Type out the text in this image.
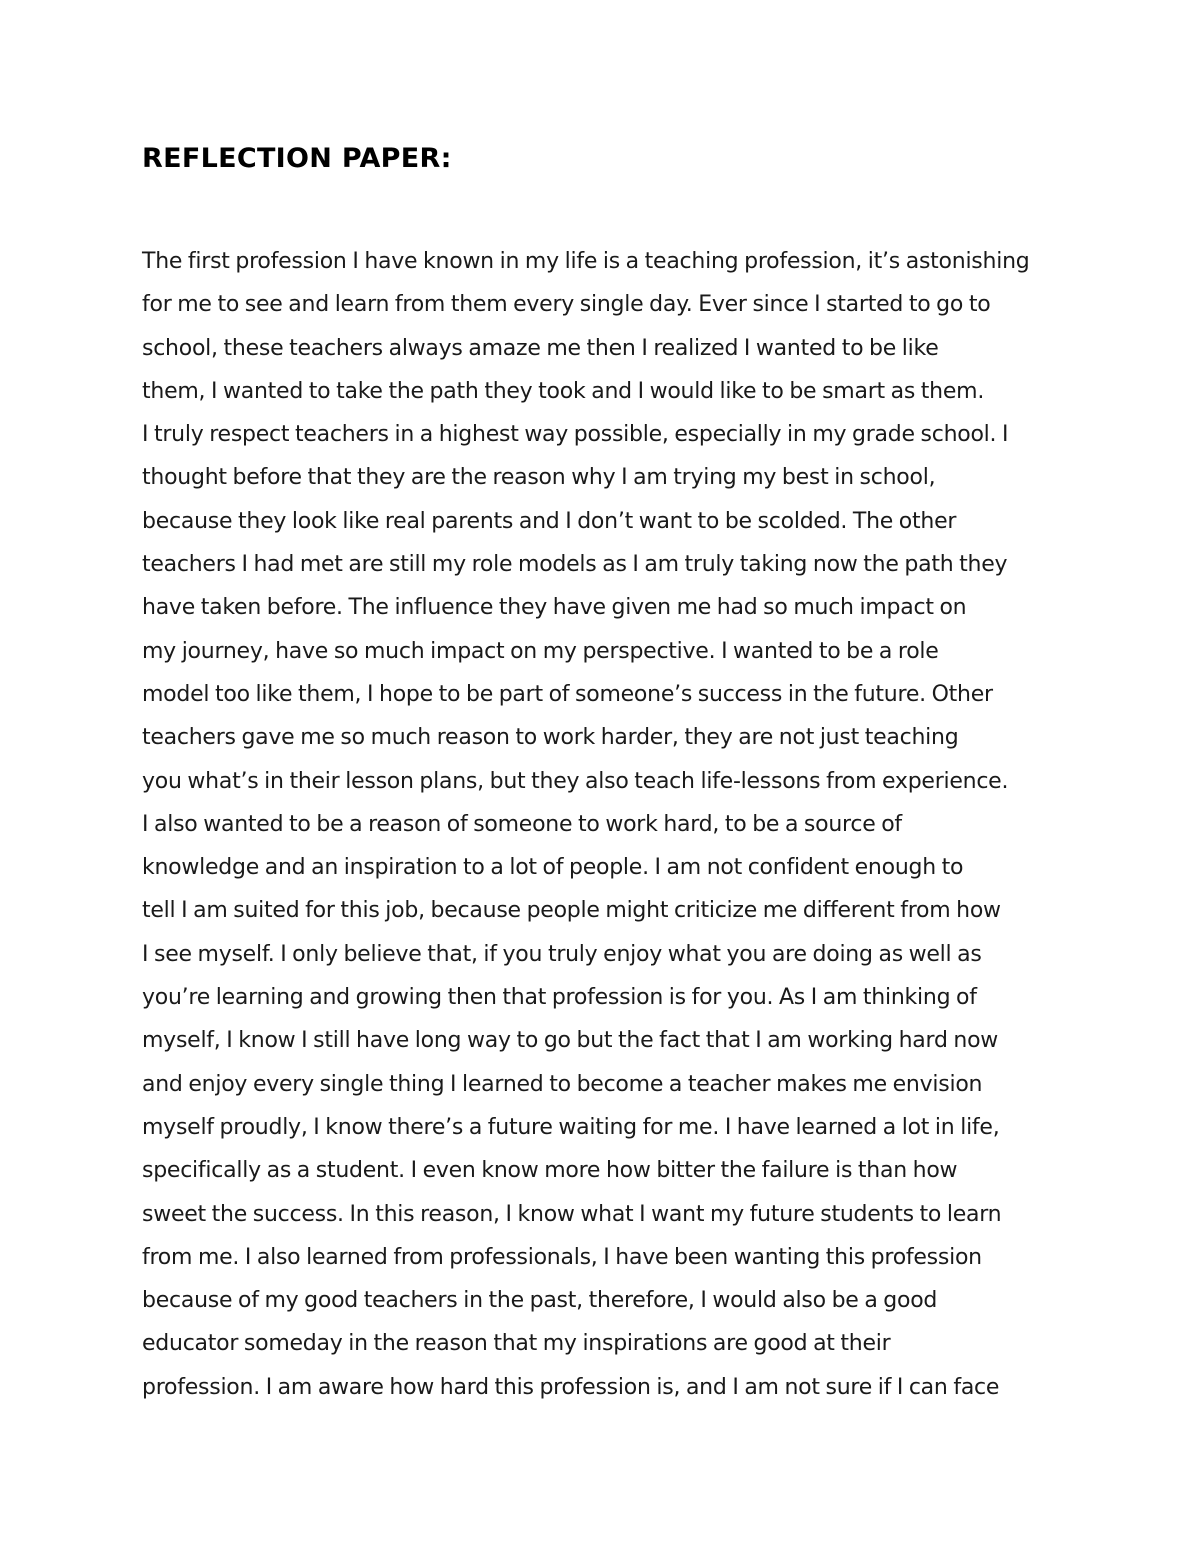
REFLECTION PAPER:
The first profession I have known in my life is a teaching profession, it’s astonishing
for me to see and learn from them every single day. Ever since I started to go to
school, these teachers always amaze me then I realized I wanted to be like
them, I wanted to take the path they took and I would like to be smart as them.
I truly respect teachers in a highest way possible, especially in my grade school. I
thought before that they are the reason why I am trying my best in school,
because they look like real parents and I don’t want to be scolded. The other
teachers I had met are still my role models as I am truly taking now the path they
have taken before. The influence they have given me had so much impact on
my journey, have so much impact on my perspective. I wanted to be a role
model too like them, I hope to be part of someone’s success in the future. Other
teachers gave me so much reason to work harder, they are not just teaching
you what’s in their lesson plans, but they also teach life-lessons from experience.
I also wanted to be a reason of someone to work hard, to be a source of
knowledge and an inspiration to a lot of people. I am not confident enough to
tell I am suited for this job, because people might criticize me different from how
I see myself. I only believe that, if you truly enjoy what you are doing as well as
you’re learning and growing then that profession is for you. As I am thinking of
myself, I know I still have long way to go but the fact that I am working hard now
and enjoy every single thing I learned to become a teacher makes me envision
myself proudly, I know there’s a future waiting for me. I have learned a lot in life,
specifically as a student. I even know more how bitter the failure is than how
sweet the success. In this reason, I know what I want my future students to learn
from me. I also learned from professionals, I have been wanting this profession
because of my good teachers in the past, therefore, I would also be a good
educator someday in the reason that my inspirations are good at their
profession. I am aware how hard this profession is, and I am not sure if I can face
